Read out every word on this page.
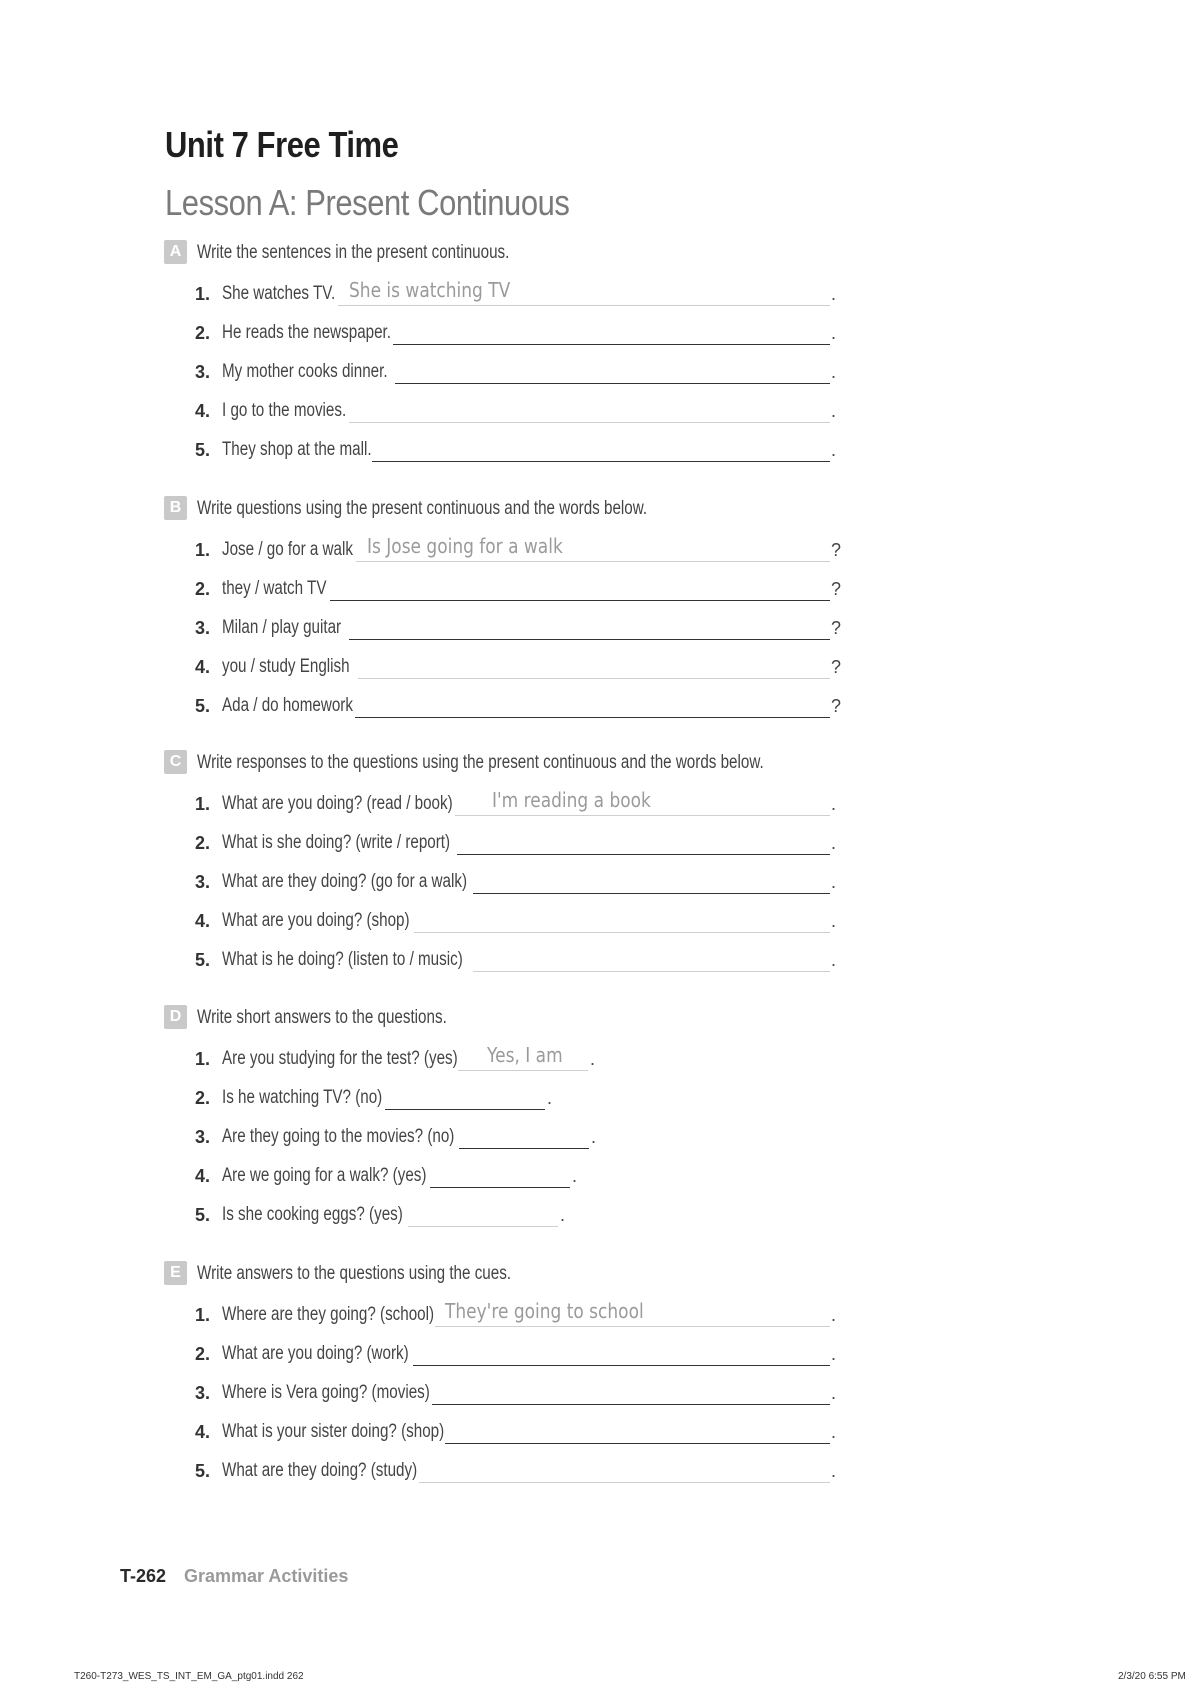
Unit 7 Free Time
Lesson A: Present Continuous
A Write the sentences in the present continuous.
1. She watches TV. She is watching TV	.
2. He reads the newspaper.	.
3. My mother cooks dinner.	.
4. I go to the movies.	.
5. They shop at the mall.	.
B Write questions using the present continuous and the words below.
1. Jose / go for a walk Is Jose going for a walk	?
2. they / watch TV	?
3. Milan / play guitar	?
4. you / study English	?
5. Ada / do homework	?
C Write responses to the questions using the present continuous and the words below.
1. What are you doing? (read / book) I'm reading a book	.
2. What is she doing? (write / report)	.
3. What are they doing? (go for a walk)	.
4. What are you doing? (shop)	.
5. What is he doing? (listen to / music)	.
D Write short answers to the questions.
1. Are you studying for the test? (yes) Yes, I am .
2. Is he watching TV? (no)	.
3. Are they going to the movies? (no)	.
4. Are we going for a walk? (yes)	.
5. Is she cooking eggs? (yes)	.
E Write answers to the questions using the cues.
1. Where are they going? (school) They're going to school	.
2. What are you doing? (work)	.
3. Where is Vera going? (movies)	.
4. What is your sister doing? (shop)	.
5. What are they doing? (study)	.
T-262 Grammar Activities
T260-T273_WES_TS_INT_EM_GA_ptg01.indd 262	2/3/20 6:55 PM
